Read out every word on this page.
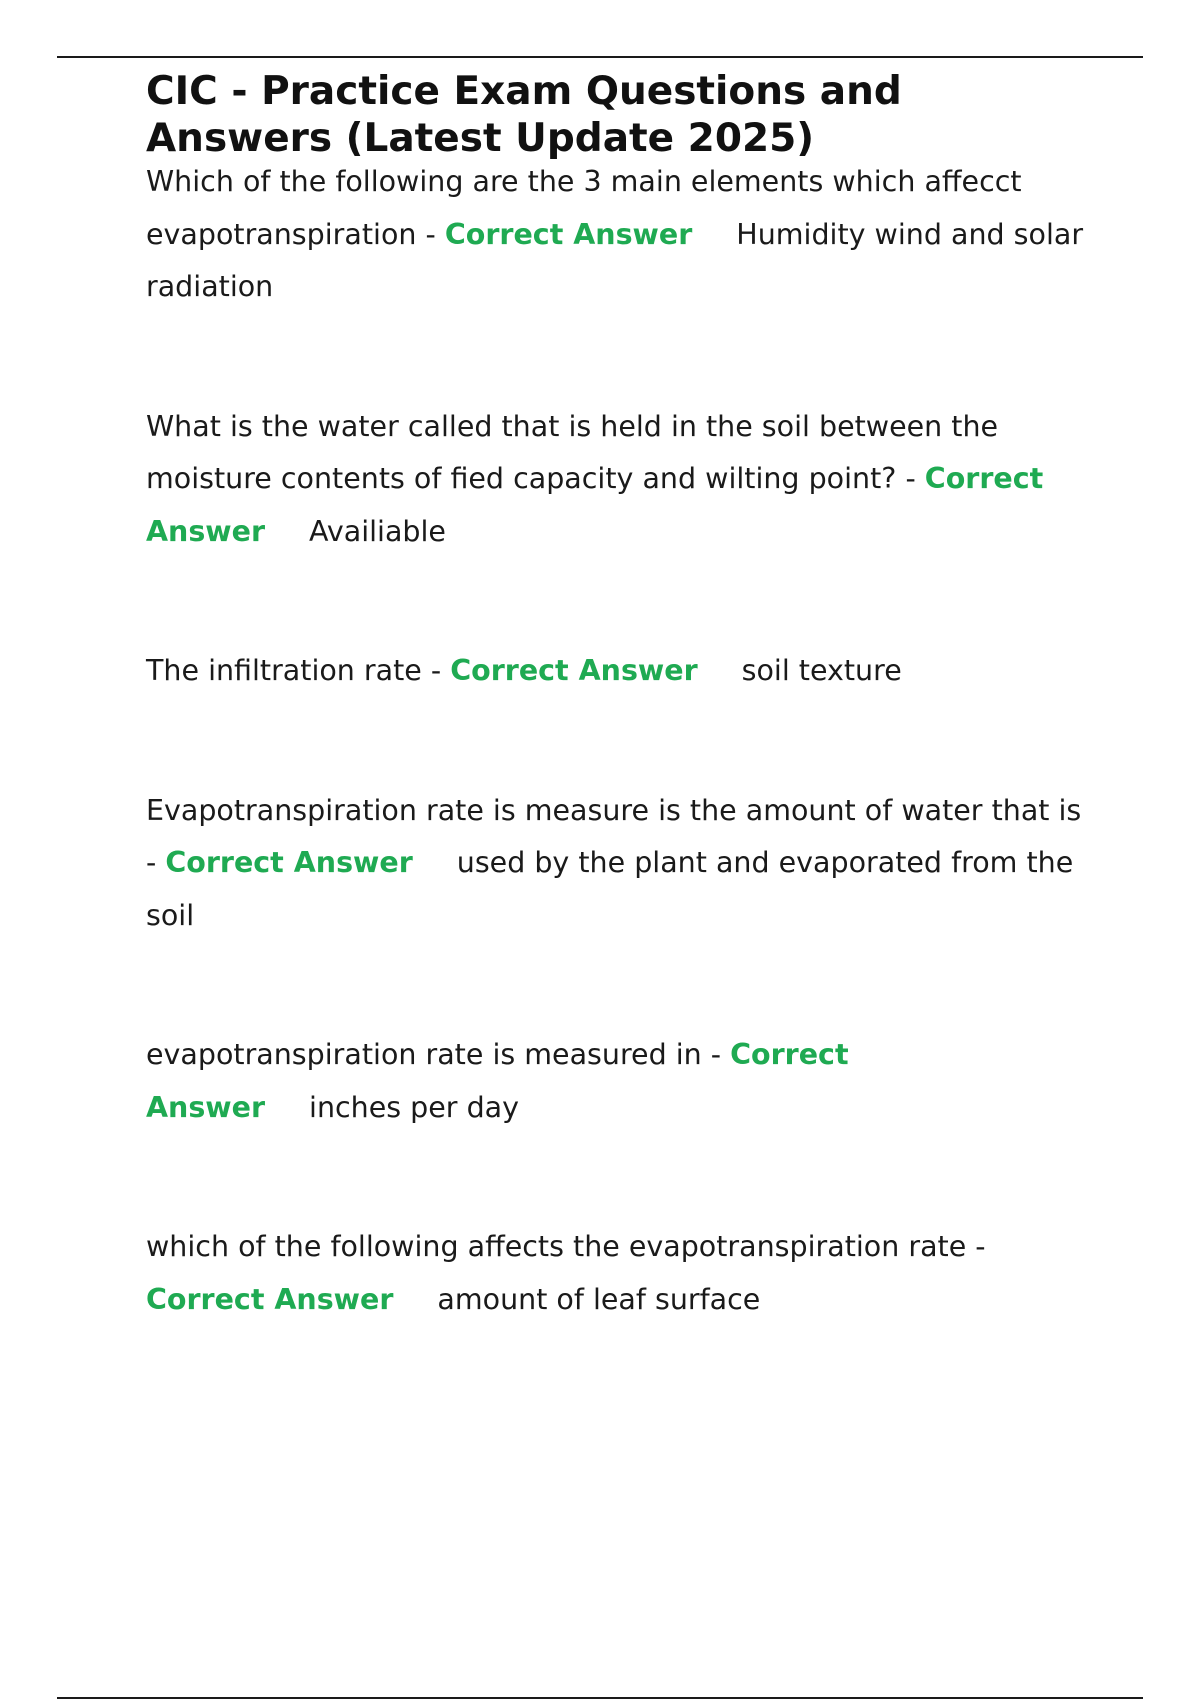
CIC - Practice Exam Questions and Answers (Latest Update 2025)

Which of the following are the 3 main elements which affecct evapotranspiration - Correct Answer Humidity wind and solar radiation

What is the water called that is held in the soil between the moisture contents of fied capacity and wilting point? - Correct Answer Availiable

The infiltration rate - Correct Answer soil texture

Evapotranspiration rate is measure is the amount of water that is - Correct Answer used by the plant and evaporated from the soil

evapotranspiration rate is measured in - Correct Answer inches per day

which of the following affects the evapotranspiration rate - Correct Answer amount of leaf surface
